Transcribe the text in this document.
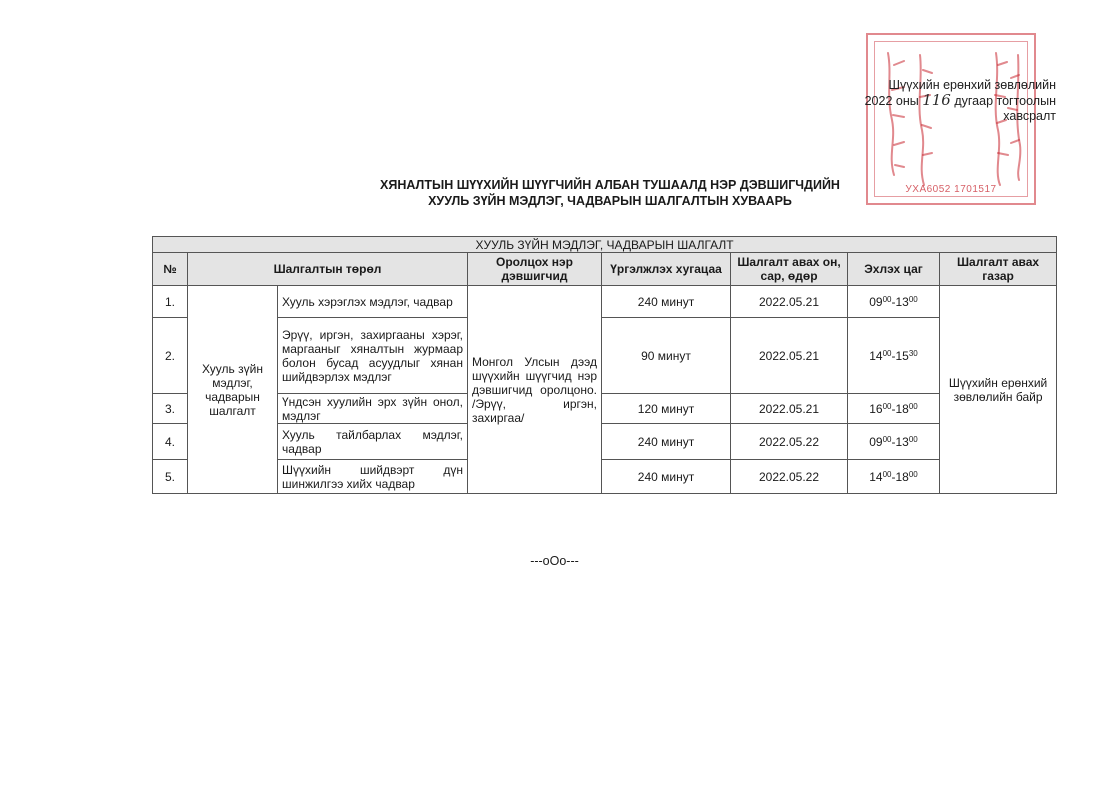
УХА6052 1701517
Шүүхийн ерөнхий зөвлөлийн
2022 оны 116 дугаар тогтоолын
хавсралт
ХЯНАЛТЫН ШҮҮХИЙН ШҮҮГЧИЙН АЛБАН ТУШААЛД НЭР ДЭВШИГЧДИЙН
ХУУЛЬ ЗҮЙН МЭДЛЭГ, ЧАДВАРЫН ШАЛГАЛТЫН ХУВААРЬ
ХУУЛЬ ЗҮЙН МЭДЛЭГ, ЧАДВАРЫН ШАЛГАЛТ							
№	Шалгалтын төрөл		Оролцох нэр дэвшигчид	Үргэлжлэх хугацаа	Шалгалт авах он, сар, өдөр	Эхлэх цаг	Шалгалт авах газар
1.	Хууль зүйн мэдлэг, чадварын шалгалт	Хууль хэрэглэх мэдлэг, чадвар	Монгол Улсын дээд шүүхийн шүүгчид нэр дэвшигчид оролцоно. /Эрүү, иргэн, захиргаа/	240 минут	2022.05.21	$09^{00}-13^{00}$	Шүүхийн ерөнхий зөвлөлийн байр
2.		Эрүү, иргэн, захиргааны хэрэг, маргааныг хяналтын журмаар болон бусад асуудлыг хянан шийдвэрлэх мэдлэг		90 минут	2022.05.21	$14^{00}-15^{30}$
3.		Үндсэн хуулийн эрх зүйн онол, мэдлэг		120 минут	2022.05.21	$16^{00}-18^{00}$
4.		Хууль тайлбарлах мэдлэг, чадвар		240 минут	2022.05.22	$09^{00}-13^{00}$
5.		Шүүхийн шийдвэрт дүн шинжилгээ хийх чадвар		240 минут	2022.05.22	$14^{00}-18^{00}$
---oOo---
